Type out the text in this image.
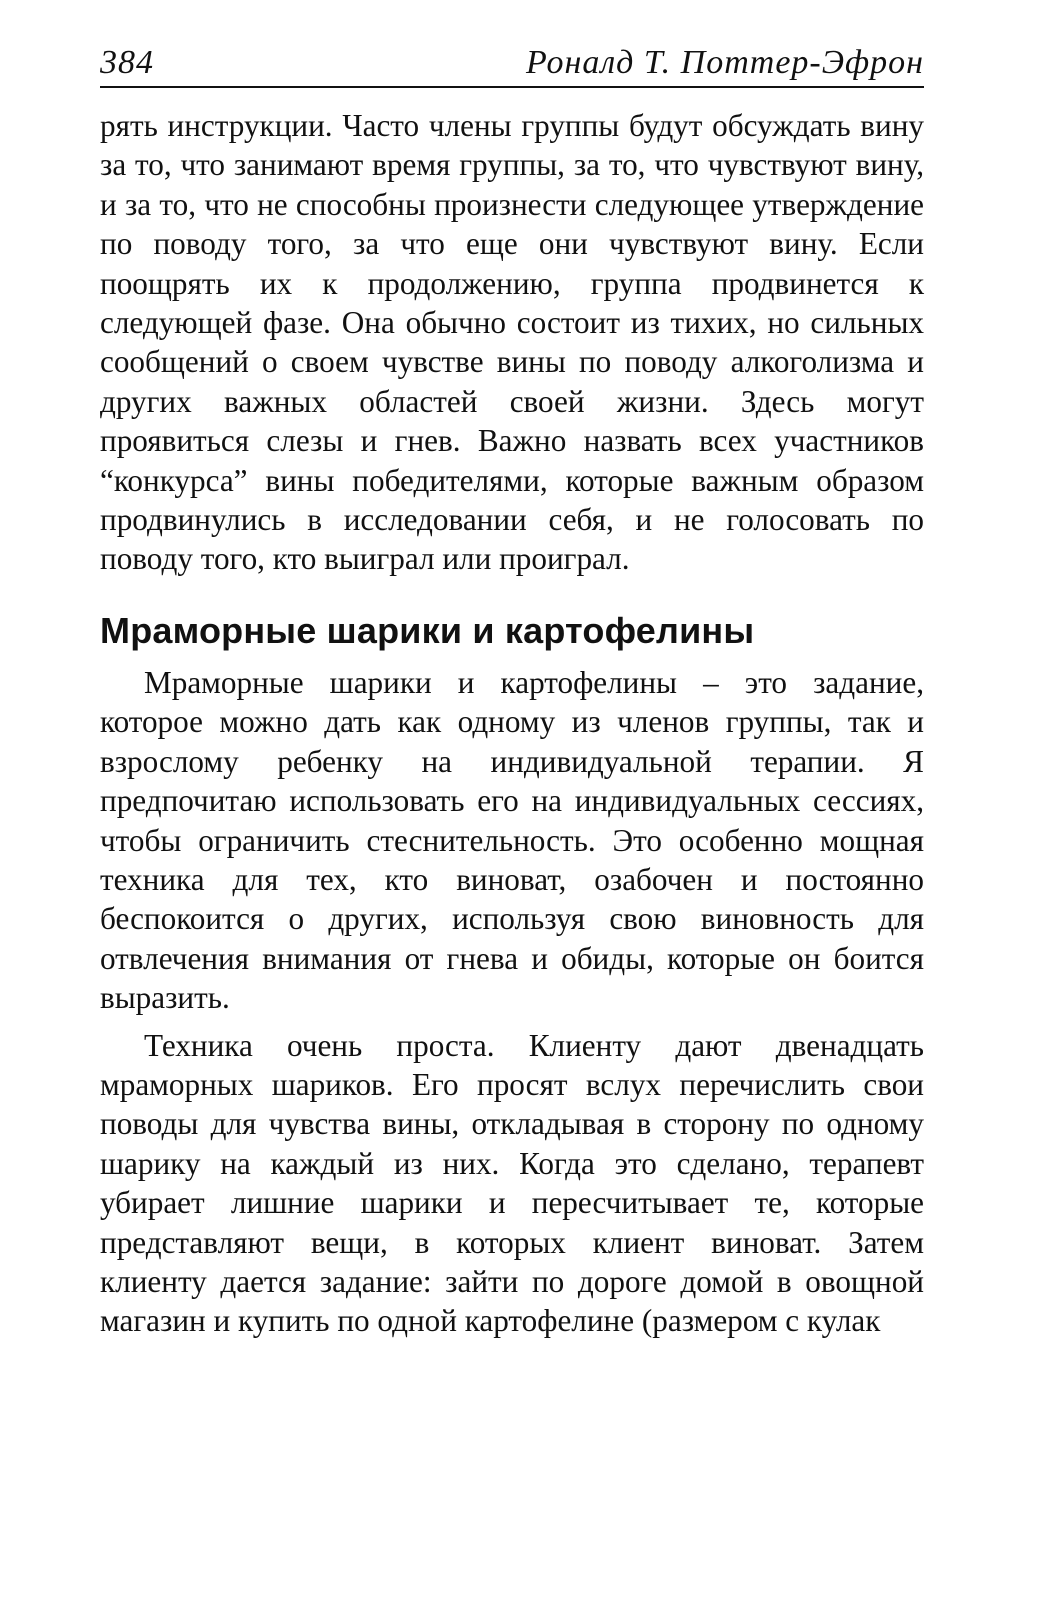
384	Роналд Т. Поттер-Эфрон

рять инструкции. Часто члены группы будут обсуждать вину за то, что занимают время группы, за то, что чувствуют вину, и за то, что не способны произнести следующее утверждение по поводу того, за что еще они чувствуют вину. Если поощрять их к продолжению, группа продвинется к следующей фазе. Она обычно состоит из тихих, но сильных сообщений о своем чувстве вины по поводу алкоголизма и других важных областей своей жизни. Здесь могут проявиться слезы и гнев. Важно назвать всех участников “конкурса” вины победителями, которые важным образом продвинулись в исследовании себя, и не голосовать по поводу того, кто выиграл или проиграл.

Мраморные шарики и картофелины

Мраморные шарики и картофелины – это задание, которое можно дать как одному из членов группы, так и взрослому ребенку на индивидуальной терапии. Я предпочитаю использовать его на индивидуальных сессиях, чтобы ограничить стеснительность. Это особенно мощная техника для тех, кто виноват, озабочен и постоянно беспокоится о других, используя свою виновность для отвлечения внимания от гнева и обиды, которые он боится выразить.

Техника очень проста. Клиенту дают двенадцать мраморных шариков. Его просят вслух перечислить свои поводы для чувства вины, откладывая в сторону по одному шарику на каждый из них. Когда это сделано, терапевт убирает лишние шарики и пересчитывает те, которые представляют вещи, в которых клиент виноват. Затем клиенту дается задание: зайти по дороге домой в овощной магазин и купить по одной картофелине (размером с кулак
